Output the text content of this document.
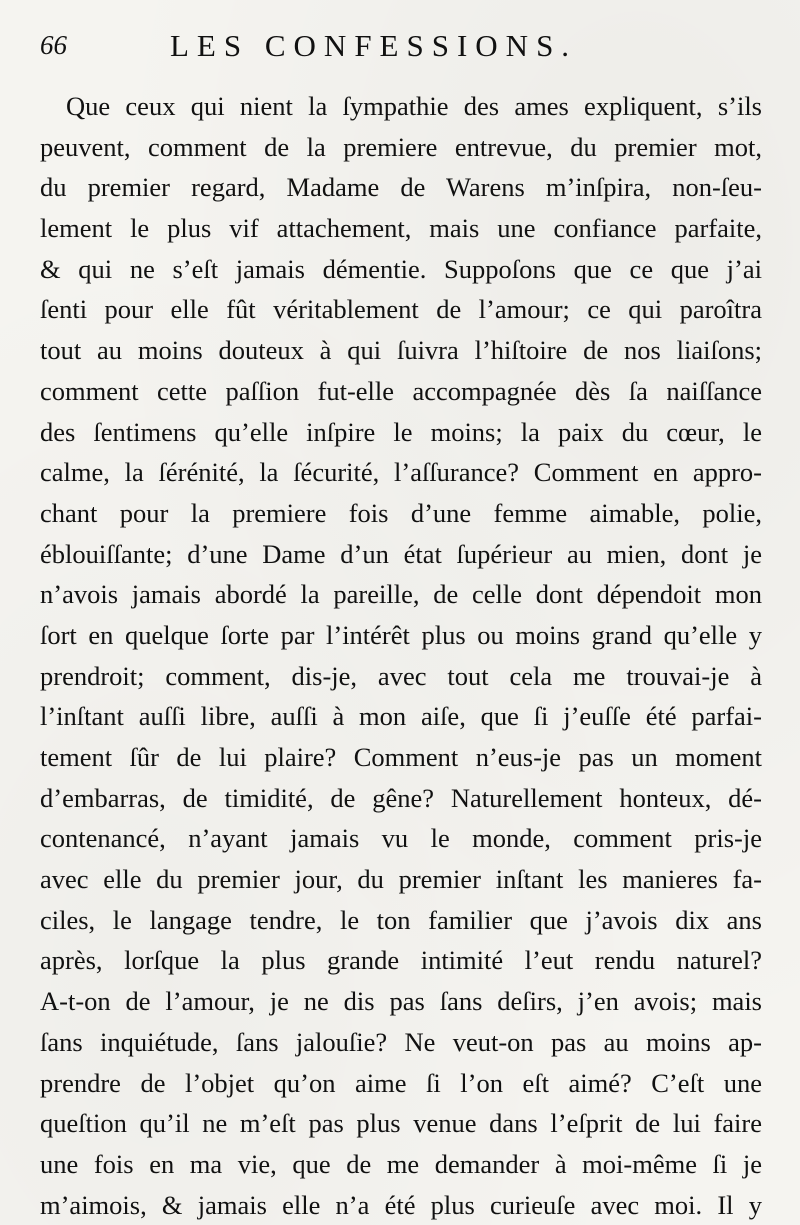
66	LES CONFESSIONS.
Que ceux qui nient la ſympathie des ames expliquent, s’ils
peuvent, comment de la premiere entrevue, du premier mot,
du premier regard, Madame de Warens m’inſpira, non-ſeu-
lement le plus vif attachement, mais une confiance parfaite,
& qui ne s’eſt jamais démentie. Suppoſons que ce que j’ai
ſenti pour elle fût véritablement de l’amour; ce qui paroîtra
tout au moins douteux à qui ſuivra l’hiſtoire de nos liaiſons;
comment cette paſſion fut-elle accompagnée dès ſa naiſſance
des ſentimens qu’elle inſpire le moins; la paix du cœur, le
calme, la ſérénité, la ſécurité, l’aſſurance? Comment en appro-
chant pour la premiere fois d’une femme aimable, polie,
éblouiſſante; d’une Dame d’un état ſupérieur au mien, dont je
n’avois jamais abordé la pareille, de celle dont dépendoit mon
ſort en quelque ſorte par l’intérêt plus ou moins grand qu’elle y
prendroit; comment, dis-je, avec tout cela me trouvai-je à
l’inſtant auſſi libre, auſſi à mon aiſe, que ſi j’euſſe été parfai-
tement ſûr de lui plaire? Comment n’eus-je pas un moment
d’embarras, de timidité, de gêne? Naturellement honteux, dé-
contenancé, n’ayant jamais vu le monde, comment pris-je
avec elle du premier jour, du premier inſtant les manieres fa-
ciles, le langage tendre, le ton familier que j’avois dix ans
après, lorſque la plus grande intimité l’eut rendu naturel?
A-t-on de l’amour, je ne dis pas ſans deſirs, j’en avois; mais
ſans inquiétude, ſans jalouſie? Ne veut-on pas au moins ap-
prendre de l’objet qu’on aime ſi l’on eſt aimé? C’eſt une
queſtion qu’il ne m’eſt pas plus venue dans l’eſprit de lui faire
une fois en ma vie, que de me demander à moi-même ſi je
m’aimois, & jamais elle n’a été plus curieuſe avec moi. Il y
